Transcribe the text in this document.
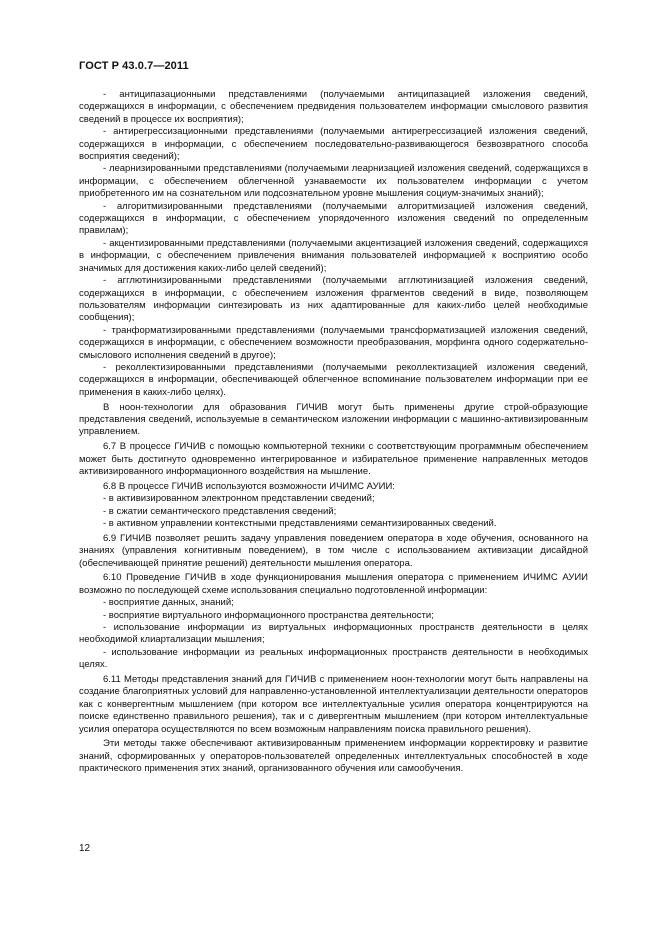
ГОСТ Р 43.0.7—2011

- антиципазационными представлениями (получаемыми антиципазацией изложения сведений, содержащихся в информации, с обеспечением предвидения пользователем информации смыслового развития сведений в процессе их восприятия);

- антирегрессизационными представлениями (получаемыми антирегрессизацией изложения сведений, содержащихся в информации, с обеспечением последовательно-развивающегося безвозвратного способа восприятия сведений);

- леарнизированными представлениями (получаемыми леарнизацией изложения сведений, содержащихся в информации, с обеспечением облегченной узнаваемости их пользователем информации с учетом приобретенного им на сознательном или подсознательном уровне мышления социум-значимых знаний);

- алгоритмизированными представлениями (получаемыми алгоритмизацией изложения сведений, содержащихся в информации, с обеспечением упорядоченного изложения сведений по определенным правилам);

- акцентизированными представлениями (получаемыми акцентизацией изложения сведений, содержащихся в информации, с обеспечением привлечения внимания пользователей информацией к восприятию особо значимых для достижения каких-либо целей сведений);

- агглютинизированными представлениями (получаемыми агглютинизацией изложения сведений, содержащихся в информации, с обеспечением изложения фрагментов сведений в виде, позволяющем пользователям информации синтезировать из них адаптированные для каких-либо целей необходимые сообщения);

- транформатизированными представлениями (получаемыми трансформатизацией изложения сведений, содержащихся в информации, с обеспечением возможности преобразования, морфинга одного содержательно-смыслового исполнения сведений в другое);

- реколлектизированными представлениями (получаемыми реколлектизацией изложения сведений, содержащихся в информации, обеспечивающей облегченное вспоминание пользователем информации при ее применения в каких-либо целях).

В ноон-технологии для образования ГИЧИВ могут быть применены другие строй-образующие представления сведений, используемые в семантическом изложении информации с машинно-активизированным управлением.

6.7 В процессе ГИЧИВ с помощью компьютерной техники с соответствующим программным обеспечением может быть достигнуто одновременно интегрированное и избирательное применение направленных методов активизированного информационного воздействия на мышление.

6.8 В процессе ГИЧИВ используются возможности ИЧИМС АУИИ:

- в активизированном электронном представлении сведений;

- в сжатии семантического представления сведений;

- в активном управлении контекстными представлениями семантизированных сведений.

6.9 ГИЧИВ позволяет решить задачу управления поведением оператора в ходе обучения, основанного на знаниях (управления когнитивным поведением), в том числе с использованием активизации дисайдной (обеспечивающей принятие решений) деятельности мышления оператора.

6.10 Проведение ГИЧИВ в ходе функционирования мышления оператора с применением ИЧИМС АУИИ возможно по последующей схеме использования специально подготовленной информации:

- восприятие данных, знаний;

- восприятие виртуального информационного пространства деятельности;

- использование информации из виртуальных информационных пространств деятельности в целях необходимой клиартализации мышления;

- использование информации из реальных информационных пространств деятельности в необходимых целях.

6.11 Методы представления знаний для ГИЧИВ с применением ноон-технологии могут быть направлены на создание благоприятных условий для направленно-установленной интеллектуализации деятельности операторов как с конвергентным мышлением (при котором все интеллектуальные усилия оператора концентрируются на поиске единственно правильного решения), так и с дивергентным мышлением (при котором интеллектуальные усилия оператора осуществляются по всем возможным направлениям поиска правильного решения).

Эти методы также обеспечивают активизированным применением информации корректировку и развитие знаний, сформированных у операторов-пользователей определенных интеллектуальных способностей в ходе практического применения этих знаний, организованного обучения или самообучения.

12
